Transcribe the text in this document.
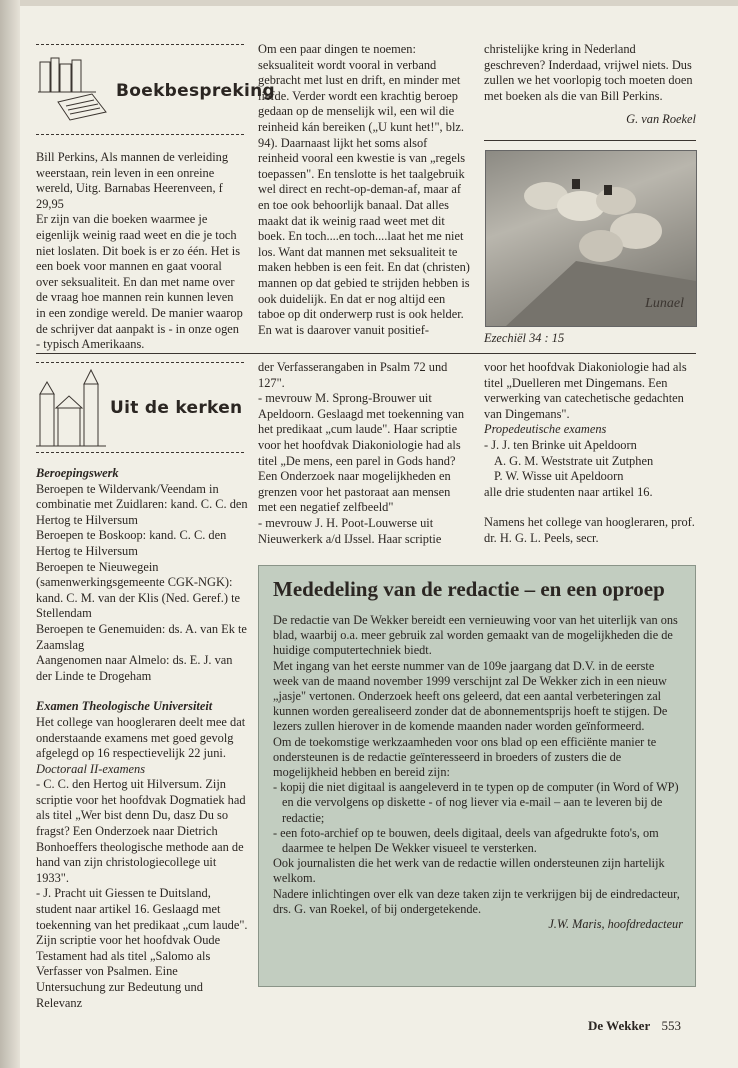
Boekbespreking

Bill Perkins, Als mannen de verleiding weerstaan, rein leven in een onreine wereld, Uitg. Barnabas Heerenveen, f 29,95

Er zijn van die boeken waarmee je eigenlijk weinig raad weet en die je toch niet loslaten. Dit boek is er zo één. Het is een boek voor mannen en gaat vooral over seksualiteit. En dan met name over de vraag hoe mannen rein kunnen leven in een zondige wereld. De manier waarop de schrijver dat aanpakt is - in onze ogen - typisch Amerikaans.

Om een paar dingen te noemen: seksualiteit wordt vooral in verband gebracht met lust en drift, en minder met liefde. Verder wordt een krachtig beroep gedaan op de menselijk wil, een wil die reinheid kán bereiken („U kunt het!", blz. 94). Daarnaast lijkt het soms alsof reinheid vooral een kwestie is van „regels toepassen". En tenslotte is het taalgebruik wel direct en recht-op-deman-af, maar af en toe ook behoorlijk banaal. Dat alles maakt dat ik weinig raad weet met dit boek. En toch....en toch....laat het me niet los. Want dat mannen met seksualiteit te maken hebben is een feit. En dat (christen) mannen op dat gebied te strijden hebben is ook duidelijk. En dat er nog altijd een taboe op dit onderwerp rust is ook helder. En wat is daarover vanuit positief-

christelijke kring in Nederland geschreven? Inderdaad, vrijwel niets. Dus zullen we het voorlopig toch moeten doen met boeken als die van Bill Perkins.

G. van Roekel

Lunael
Ezechiël 34 : 15
Uit de kerken

Beroepingswerk

Beroepen te Wildervank/Veendam in combinatie met Zuidlaren: kand. C. C. den Hertog te Hilversum

Beroepen te Boskoop: kand. C. C. den Hertog te Hilversum

Beroepen te Nieuwegein (samenwerkingsgemeente CGK-NGK): kand. C. M. van der Klis (Ned. Geref.) te Stellendam

Beroepen te Genemuiden: ds. A. van Ek te Zaamslag

Aangenomen naar Almelo: ds. E. J. van der Linde te Drogeham

Examen Theologische Universiteit

Het college van hoogleraren deelt mee dat onderstaande examens met goed gevolg afgelegd op 16 respectievelijk 22 juni.

Doctoraal II-examens

- C. C. den Hertog uit Hilversum. Zijn scriptie voor het hoofdvak Dogmatiek had als titel „Wer bist denn Du, dasz Du so fragst? Een Onderzoek naar Dietrich Bonhoeffers theologische methode aan de hand van zijn christologiecollege uit 1933".

- J. Pracht uit Giessen te Duitsland, student naar artikel 16. Geslaagd met toekenning van het predikaat „cum laude". Zijn scriptie voor het hoofdvak Oude Testament had als titel „Salomo als Verfasser von Psalmen. Eine Untersuchung zur Bedeutung und Relevanz

der Verfasserangaben in Psalm 72 und 127".

- mevrouw M. Sprong-Brouwer uit Apeldoorn. Geslaagd met toekenning van het predikaat „cum laude". Haar scriptie voor het hoofdvak Diakoniologie had als titel „De mens, een parel in Gods hand? Een Onderzoek naar mogelijkheden en grenzen voor het pastoraat aan mensen met een negatief zelfbeeld"

- mevrouw J. H. Poot-Louwerse uit Nieuwerkerk a/d IJssel. Haar scriptie

voor het hoofdvak Diakoniologie had als titel „Duelleren met Dingemans. Een verwerking van catechetische gedachten van Dingemans".

Propedeutische examens

- J. J. ten Brinke uit Apeldoorn

A. G. M. Weststrate uit Zutphen

P. W. Wisse uit Apeldoorn

alle drie studenten naar artikel 16.

Namens het college van hoogleraren, prof. dr. H. G. L. Peels, secr.

Mededeling van de redactie – en een oproep

De redactie van De Wekker bereidt een vernieuwing voor van het uiterlijk van ons blad, waarbij o.a. meer gebruik zal worden gemaakt van de mogelijkheden die de huidige computertechniek biedt.

Met ingang van het eerste nummer van de 109e jaargang dat D.V. in de eerste week van de maand november 1999 verschijnt zal De Wekker zich in een nieuw „jasje" vertonen. Onderzoek heeft ons geleerd, dat een aantal verbeteringen zal kunnen worden gerealiseerd zonder dat de abonnementsprijs hoeft te stijgen. De lezers zullen hierover in de komende maanden nader worden geïnformeerd.

Om de toekomstige werkzaamheden voor ons blad op een efficiënte manier te ondersteunen is de redactie geïnteresseerd in broeders of zusters die de mogelijkheid hebben en bereid zijn:

- kopij die niet digitaal is aangeleverd in te typen op de computer (in Word of WP) en die vervolgens op diskette - of nog liever via e-mail – aan te leveren bij de redactie;

- een foto-archief op te bouwen, deels digitaal, deels van afgedrukte foto's, om daarmee te helpen De Wekker visueel te versterken.

Ook journalisten die het werk van de redactie willen ondersteunen zijn hartelijk welkom.

Nadere inlichtingen over elk van deze taken zijn te verkrijgen bij de eindredacteur, drs. G. van Roekel, of bij ondergetekende.

J.W. Maris, hoofdredacteur

De Wekker 553
